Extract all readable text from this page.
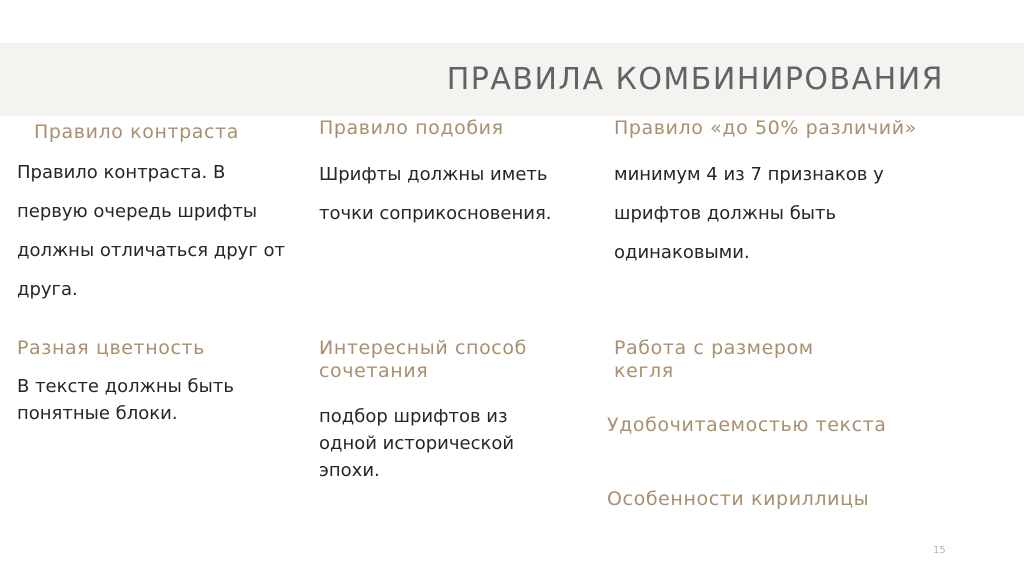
ПРАВИЛА КОМБИНИРОВАНИЯ
Правило контраста
Правило контраста. В первую очередь шрифты должны отличаться друг от друга.
Разная цветность
В тексте должны быть понятные блоки.
Правило подобия
Шрифты должны иметь точки соприкосновения.
Интересный способ сочетания
подбор шрифтов из одной исторической эпохи.
Правило «до 50% различий»
минимум 4 из 7 признаков у шрифтов должны быть одинаковыми.
Работа с размером кегля
Удобочитаемостью текста
Особенности кириллицы
15
